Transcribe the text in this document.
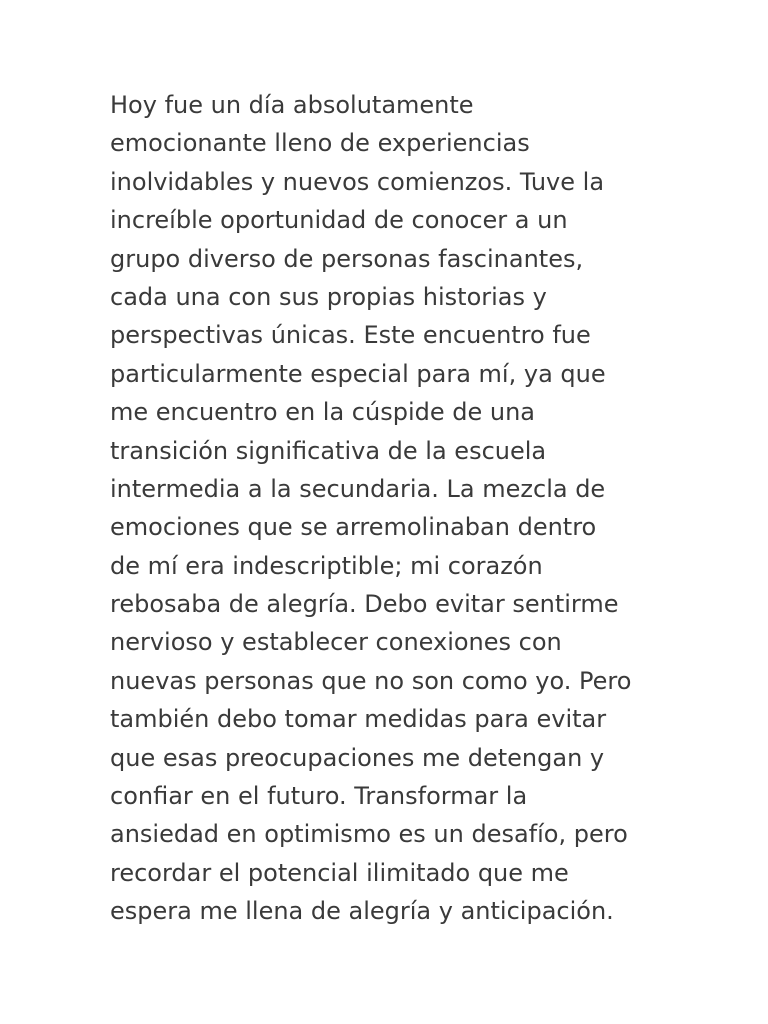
Hoy fue un día absolutamente
emocionante lleno de experiencias
inolvidables y nuevos comienzos. Tuve la
increíble oportunidad de conocer a un
grupo diverso de personas fascinantes,
cada una con sus propias historias y
perspectivas únicas. Este encuentro fue
particularmente especial para mí, ya que
me encuentro en la cúspide de una
transición significativa de la escuela
intermedia a la secundaria. La mezcla de
emociones que se arremolinaban dentro
de mí era indescriptible; mi corazón
rebosaba de alegría. Debo evitar sentirme
nervioso y establecer conexiones con
nuevas personas que no son como yo. Pero
también debo tomar medidas para evitar
que esas preocupaciones me detengan y
confiar en el futuro. Transformar la
ansiedad en optimismo es un desafío, pero
recordar el potencial ilimitado que me
espera me llena de alegría y anticipación.
